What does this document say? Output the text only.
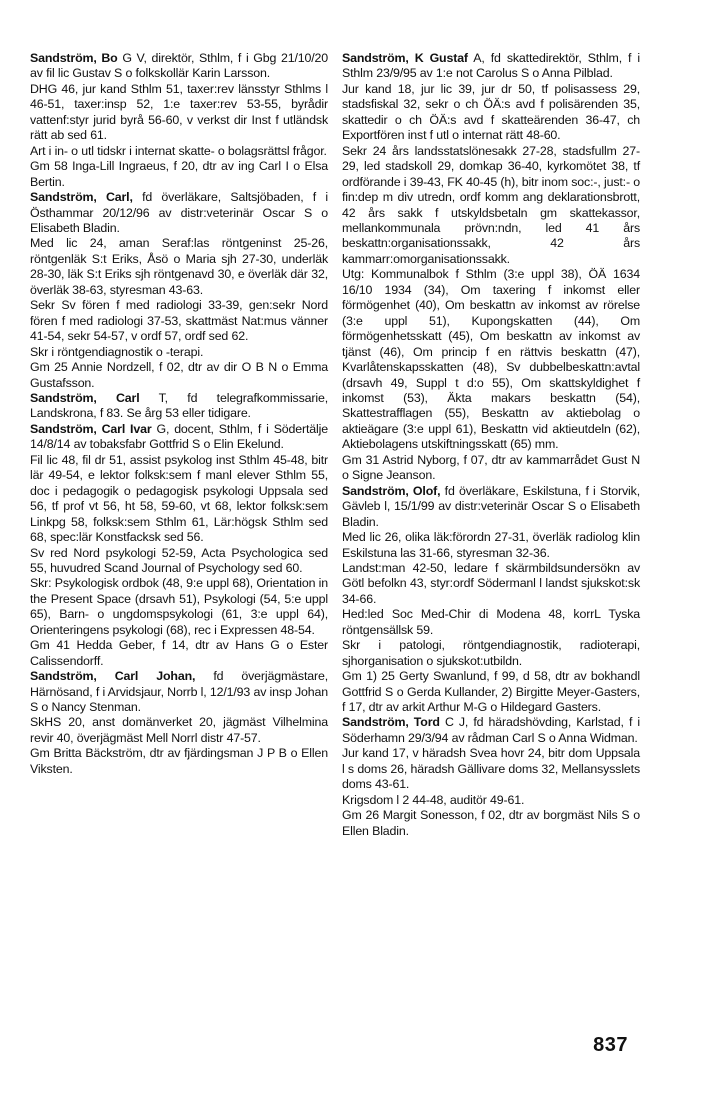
Sandström, Bo G V, direktör, Sthlm, f i Gbg 21/10/20 av fil lic Gustav S o folkskollär Karin Larsson.

DHG 46, jur kand Sthlm 51, taxer:rev länsstyr Sthlms l 46-51, taxer:insp 52, 1:e taxer:rev 53-55, byrådir vattenf:styr jurid byrå 56-60, v verkst dir Inst f utländsk rätt ab sed 61.

Art i in- o utl tidskr i internat skatte- o bolagsrättsl frågor.

Gm 58 Inga-Lill Ingraeus, f 20, dtr av ing Carl I o Elsa Bertin.

Sandström, Carl, fd överläkare, Saltsjöbaden, f i Östhammar 20/12/96 av distr:veterinär Oscar S o Elisabeth Bladin.

Med lic 24, aman Seraf:las röntgeninst 25-26, röntgenläk S:t Eriks, Åsö o Maria sjh 27-30, underläk 28-30, läk S:t Eriks sjh röntgenavd 30, e överläk där 32, överläk 38-63, styresman 43-63.

Sekr Sv fören f med radiologi 33-39, gen:sekr Nord fören f med radiologi 37-53, skattmäst Nat:mus vänner 41-54, sekr 54-57, v ordf 57, ordf sed 62.

Skr i röntgendiagnostik o -terapi.

Gm 25 Annie Nordzell, f 02, dtr av dir O B N o Emma Gustafsson.

Sandström, Carl T, fd telegrafkommissarie, Landskrona, f 83. Se årg 53 eller tidigare.

Sandström, Carl Ivar G, docent, Sthlm, f i Södertälje 14/8/14 av tobaksfabr Gottfrid S o Elin Ekelund.

Fil lic 48, fil dr 51, assist psykolog inst Sthlm 45-48, bitr lär 49-54, e lektor folksk:sem f manl elever Sthlm 55, doc i pedagogik o pedagogisk psykologi Uppsala sed 56, tf prof vt 56, ht 58, 59-60, vt 68, lektor folksk:sem Linkpg 58, folksk:sem Sthlm 61, Lär:högsk Sthlm sed 68, spec:lär Konstfacksk sed 56.

Sv red Nord psykologi 52-59, Acta Psychologica sed 55, huvudred Scand Journal of Psychology sed 60.

Skr: Psykologisk ordbok (48, 9:e uppl 68), Orientation in the Present Space (drsavh 51), Psykologi (54, 5:e uppl 65), Barn- o ungdomspsykologi (61, 3:e uppl 64), Orienteringens psykologi (68), rec i Expressen 48-54.

Gm 41 Hedda Geber, f 14, dtr av Hans G o Ester Calissendorff.

Sandström, Carl Johan, fd överjägmästare, Härnösand, f i Arvidsjaur, Norrb l, 12/1/93 av insp Johan S o Nancy Stenman.

SkHS 20, anst domänverket 20, jägmäst Vilhelmina revir 40, överjägmäst Mell Norrl distr 47-57.

Gm Britta Bäckström, dtr av fjärdingsman J P B o Ellen Viksten.

Sandström, K Gustaf A, fd skattedirektör, Sthlm, f i Sthlm 23/9/95 av 1:e not Carolus S o Anna Pilblad.

Jur kand 18, jur lic 39, jur dr 50, tf polisassess 29, stadsfiskal 32, sekr o ch ÖÄ:s avd f polisärenden 35, skattedir o ch ÖÄ:s avd f skatteärenden 36-47, ch Exportfören inst f utl o internat rätt 48-60.

Sekr 24 års landsstatslönesakk 27-28, stadsfullm 27-29, led stadskoll 29, domkap 36-40, kyrkomötet 38, tf ordförande i 39-43, FK 40-45 (h), bitr inom soc:-, just:- o fin:dep m div utredn, ordf komm ang deklarationsbrott, 42 års sakk f utskyldsbetaln gm skattekassor, mellankommunala prövn:ndn, led 41 års beskattn:organisationssakk, 42 års kammarr:omorganisationssakk.

Utg: Kommunalbok f Sthlm (3:e uppl 38), ÖÄ 1634 16/10 1934 (34), Om taxering f inkomst eller förmögenhet (40), Om beskattn av inkomst av rörelse (3:e uppl 51), Kupongskatten (44), Om förmögenhetsskatt (45), Om beskattn av inkomst av tjänst (46), Om princip f en rättvis beskattn (47), Kvarlåtenskapsskatten (48), Sv dubbelbeskattn:avtal (drsavh 49, Suppl t d:o 55), Om skattskyldighet f inkomst (53), Äkta makars beskattn (54), Skattestrafflagen (55), Beskattn av aktiebolag o aktieägare (3:e uppl 61), Beskattn vid aktieutdeln (62), Aktiebolagens utskiftningsskatt (65) mm.

Gm 31 Astrid Nyborg, f 07, dtr av kammarrådet Gust N o Signe Jeanson.

Sandström, Olof, fd överläkare, Eskilstuna, f i Storvik, Gävleb l, 15/1/99 av distr:veterinär Oscar S o Elisabeth Bladin.

Med lic 26, olika läk:förordn 27-31, överläk radiolog klin Eskilstuna las 31-66, styresman 32-36.

Landst:man 42-50, ledare f skärmbildsundersökn av Götl befolkn 43, styr:ordf Södermanl l landst sjukskot:sk 34-66.

Hed:led Soc Med-Chir di Modena 48, korrL Tyska röntgensällsk 59.

Skr i patologi, röntgendiagnostik, radioterapi, sjhorganisation o sjukskot:utbildn.

Gm 1) 25 Gerty Swanlund, f 99, d 58, dtr av bokhandl Gottfrid S o Gerda Kullander, 2) Birgitte Meyer-Gasters, f 17, dtr av arkit Arthur M-G o Hildegard Gasters.

Sandström, Tord C J, fd häradshövding, Karlstad, f i Söderhamn 29/3/94 av rådman Carl S o Anna Widman.

Jur kand 17, v häradsh Svea hovr 24, bitr dom Uppsala l s doms 26, häradsh Gällivare doms 32, Mellansysslets doms 43-61.

Krigsdom l 2 44-48, auditör 49-61.

Gm 26 Margit Sonesson, f 02, dtr av borgmäst Nils S o Ellen Bladin.

837
